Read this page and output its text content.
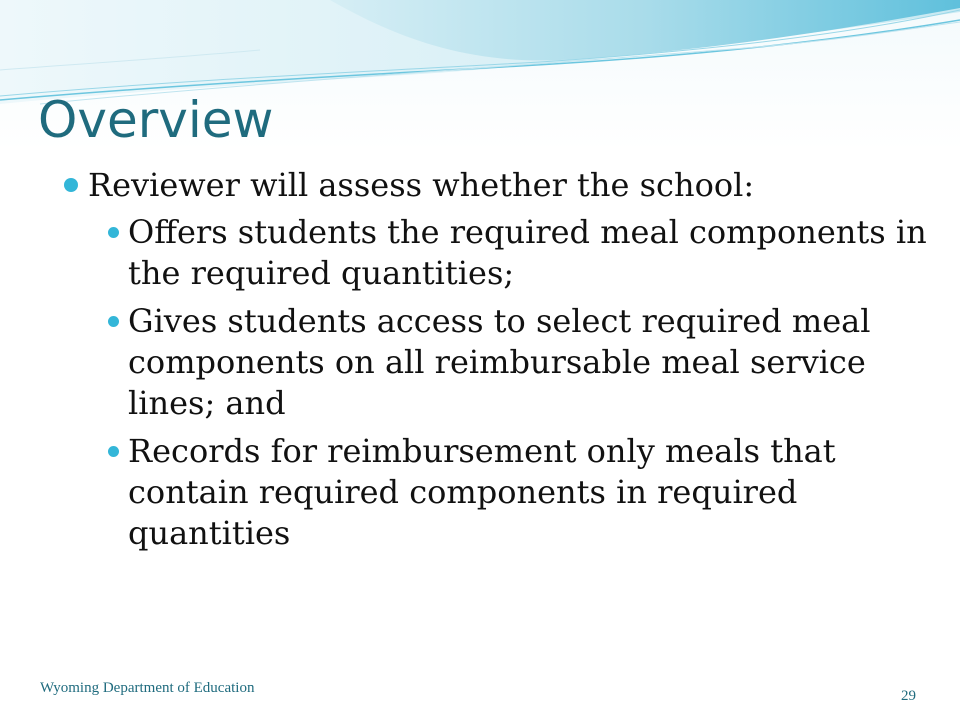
Overview
Reviewer will assess whether the school:
Offers students the required meal components in the required quantities;
Gives students access to select required meal components on all reimbursable meal service lines; and
Records for reimbursement only meals that contain required components in required quantities
Wyoming Department of Education	29
